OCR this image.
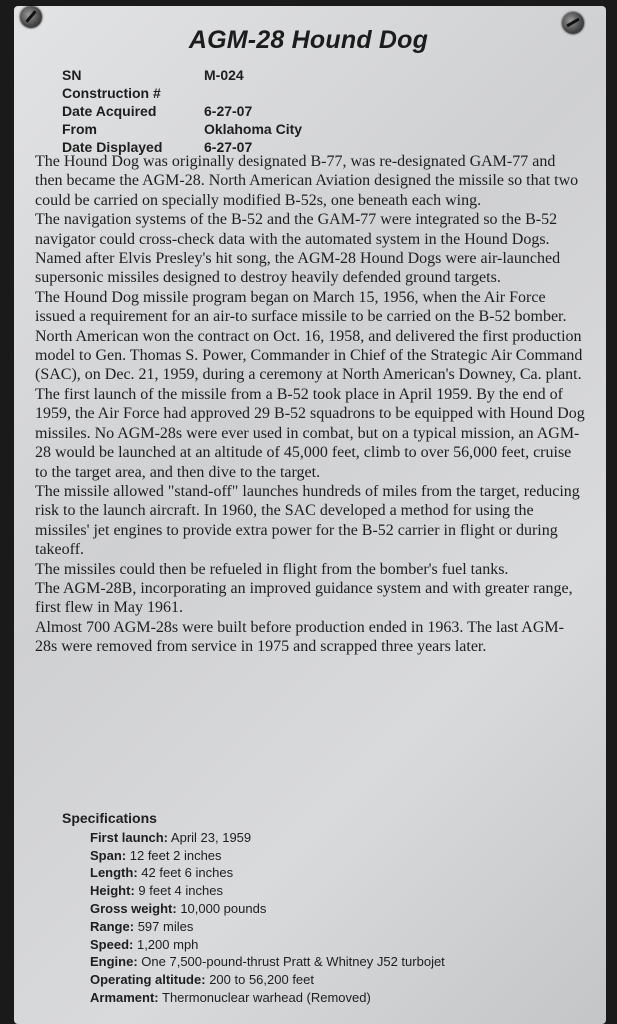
AGM-28 Hound Dog
SN	M-024
Construction #
Date Acquired	6-27-07
From	Oklahoma City
Date Displayed	6-27-07

The Hound Dog was originally designated B-77, was re-designated GAM-77 and then became the AGM-28. North American Aviation designed the missile so that two could be carried on specially modified B-52s, one beneath each wing.

The navigation systems of the B-52 and the GAM-77 were integrated so the B-52 navigator could cross-check data with the automated system in the Hound Dogs.

Named after Elvis Presley's hit song, the AGM-28 Hound Dogs were air-launched supersonic missiles designed to destroy heavily defended ground targets.

The Hound Dog missile program began on March 15, 1956, when the Air Force issued a requirement for an air-to surface missile to be carried on the B-52 bomber. North American won the contract on Oct. 16, 1958, and delivered the first production model to Gen. Thomas S. Power, Commander in Chief of the Strategic Air Command (SAC), on Dec. 21, 1959, during a ceremony at North American's Downey, Ca. plant.

The first launch of the missile from a B-52 took place in April 1959. By the end of 1959, the Air Force had approved 29 B-52 squadrons to be equipped with Hound Dog missiles. No AGM-28s were ever used in combat, but on a typical mission, an AGM-28 would be launched at an altitude of 45,000 feet, climb to over 56,000 feet, cruise to the target area, and then dive to the target.

The missile allowed "stand-off" launches hundreds of miles from the target, reducing risk to the launch aircraft. In 1960, the SAC developed a method for using the missiles' jet engines to provide extra power for the B-52 carrier in flight or during takeoff.

The missiles could then be refueled in flight from the bomber's fuel tanks.

The AGM-28B, incorporating an improved guidance system and with greater range, first flew in May 1961.

Almost 700 AGM-28s were built before production ended in 1963. The last AGM-28s were removed from service in 1975 and scrapped three years later.

Specifications
First launch: April 23, 1959
Span: 12 feet 2 inches
Length: 42 feet 6 inches
Height: 9 feet 4 inches
Gross weight: 10,000 pounds
Range: 597 miles
Speed: 1,200 mph
Engine: One 7,500-pound-thrust Pratt & Whitney J52 turbojet
Operating altitude: 200 to 56,200 feet
Armament: Thermonuclear warhead (Removed)
